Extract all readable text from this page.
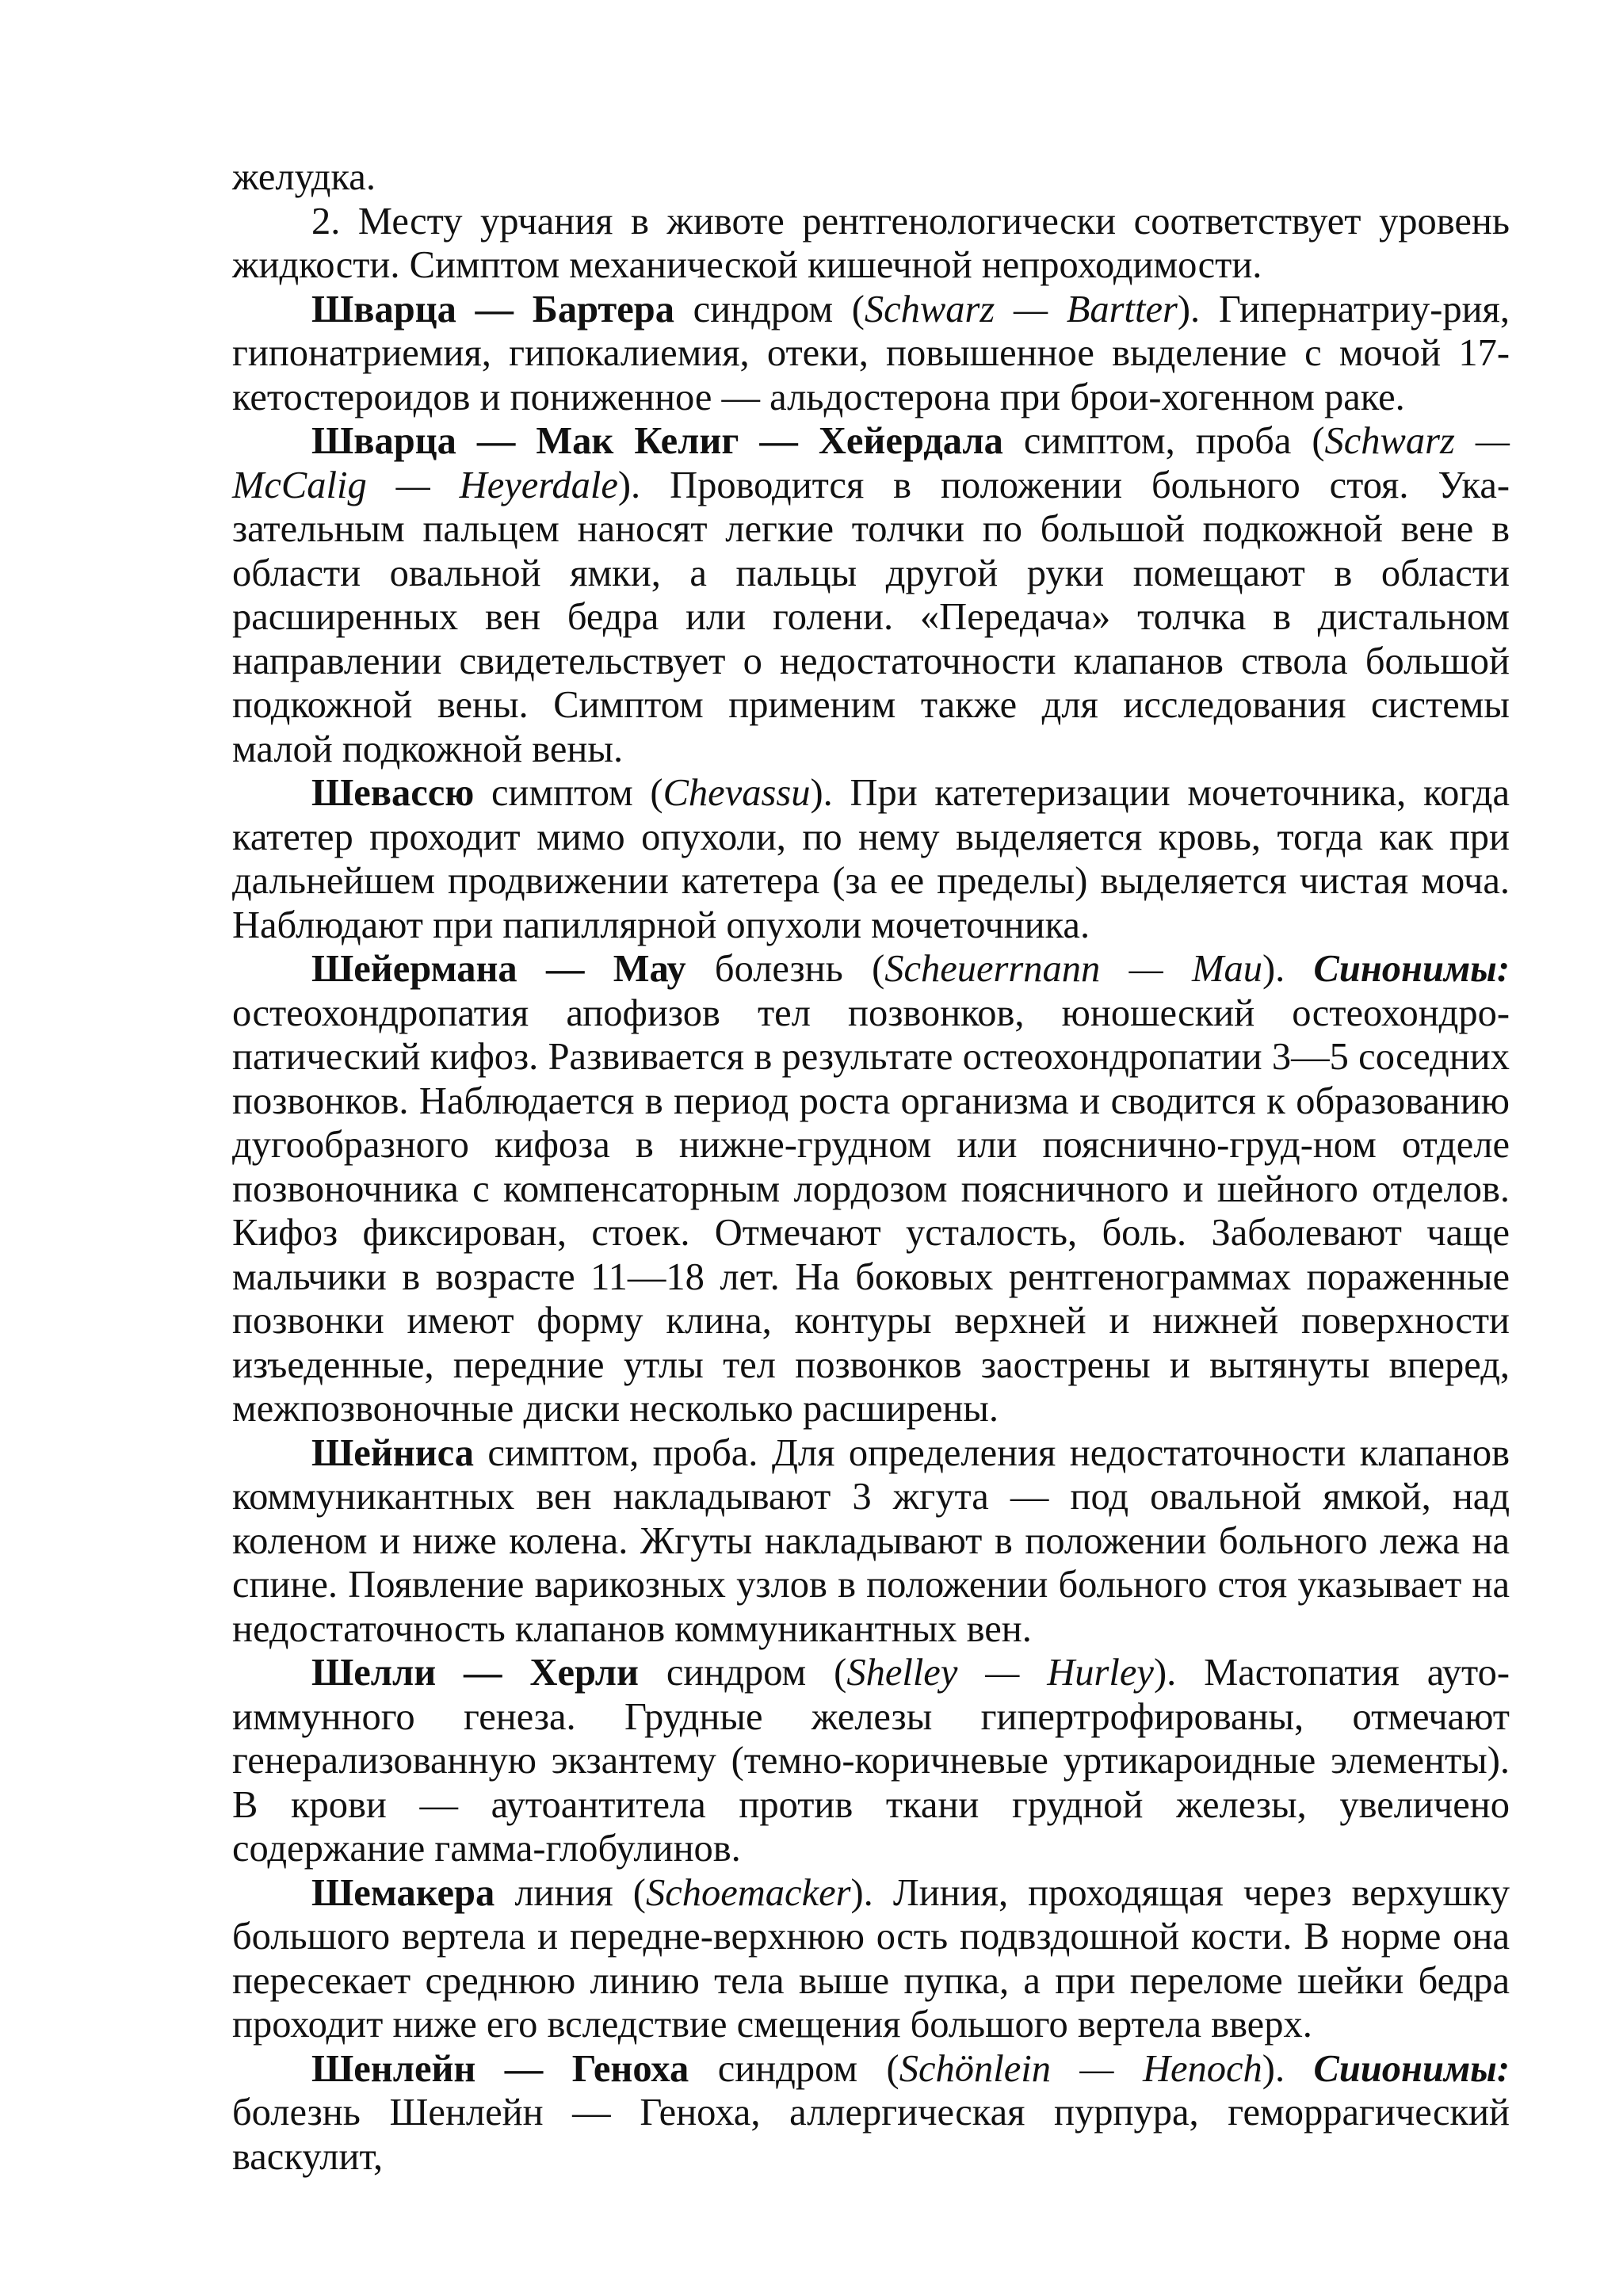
желудка.

2. Месту урчания в животе рентгенологически соответствует уровень жидкости. Симптом механической кишечной непроходимости.

Шварца — Бартера синдром (Schwarz — Bartter). Гипернатриу-рия, гипонатриемия, гипокалиемия, отеки, повышенное выделение с мочой 17-кетостероидов и пониженное — альдостерона при брои-хогенном раке.

Шварца — Мак Келиг — Хейердала симптом, проба (Schwarz — McCalig — Heyerdale). Проводится в положении больного стоя. Ука-зательным пальцем наносят легкие толчки по большой подкожной вене в области овальной ямки, а пальцы другой руки помещают в области расширенных вен бедра или голени. «Передача» толчка в дистальном направлении свидетельствует о недостаточности клапанов ствола большой подкожной вены. Симптом применим также для исследования системы малой подкожной вены.

Шевассю симптом (Chevassu). При катетеризации мочеточника, когда катетер проходит мимо опухоли, по нему выделяется кровь, тогда как при дальнейшем продвижении катетера (за ее пределы) выделяется чистая моча. Наблюдают при папиллярной опухоли мочеточника.

Шейермана — Мау болезнь (Scheuerrnann — Mau). Синонимы: остеохондропатия апофизов тел позвонков, юношеский остеохондро-патический кифоз. Развивается в результате остеохондропатии 3—5 соседних позвонков. Наблюдается в период роста организма и сводится к образованию дугообразного кифоза в нижне-грудном или пояснично-груд-ном отделе позвоночника с компенсаторным лордозом поясничного и шейного отделов. Кифоз фиксирован, стоек. Отмечают усталость, боль. Заболевают чаще мальчики в возрасте 11—18 лет. На боковых рентгенограммах пораженные позвонки имеют форму клина, контуры верхней и нижней поверхности изъеденные, передние утлы тел позвонков заострены и вытянуты вперед, межпозвоночные диски несколько расширены.

Шейниса симптом, проба. Для определения недостаточности клапанов коммуникантных вен накладывают 3 жгута — под овальной ямкой, над коленом и ниже колена. Жгуты накладывают в положении больного лежа на спине. Появление варикозных узлов в положении больного стоя указывает на недостаточность клапанов коммуникантных вен.

Шелли — Херли синдром (Shelley — Hurley). Мастопатия ауто-иммунного генеза. Грудные железы гипертрофированы, отмечают генерализованную экзантему (темно-коричневые уртикароидные элементы). В крови — аутоантитела против ткани грудной железы, увеличено содержание гамма-глобулинов.

Шемакера линия (Schoemacker). Линия, проходящая через верхушку большого вертела и передне-верхнюю ость подвздошной кости. В норме она пересекает среднюю линию тела выше пупка, а при переломе шейки бедра проходит ниже его вследствие смещения большого вертела вверх.

Шенлейн — Геноха синдром (Schönlein — Henoch). Сиионимы: болезнь Шенлейн — Геноха, аллергическая пурпура, геморрагический васкулит,
